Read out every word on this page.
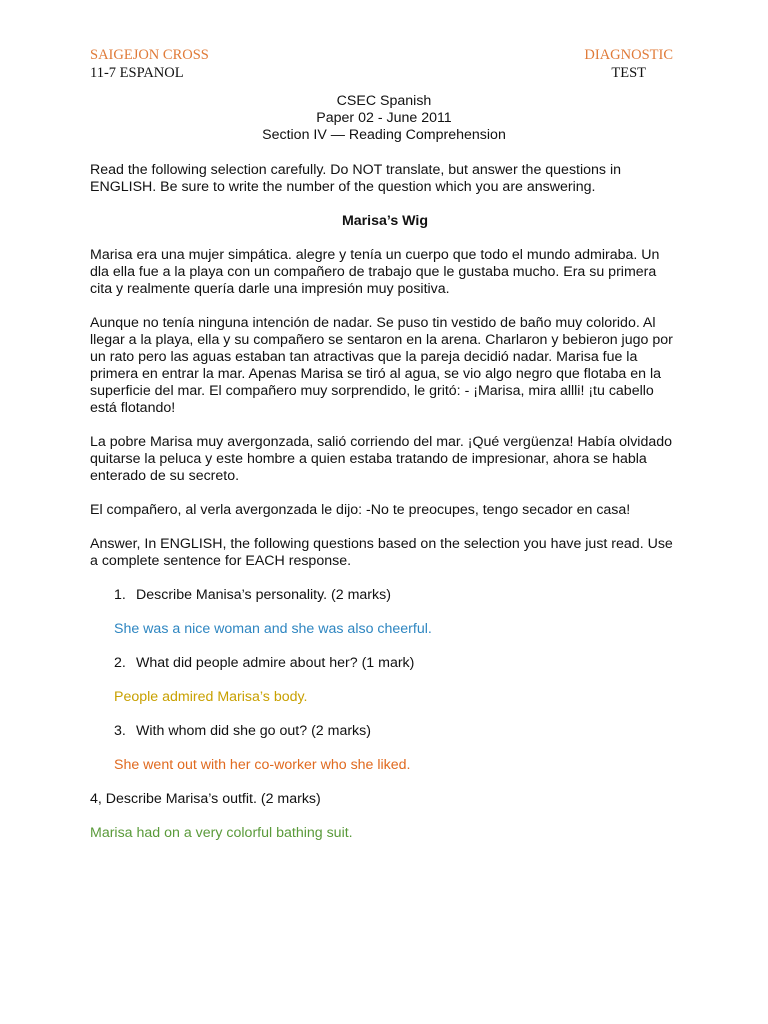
SAIGEJON CROSS
11-7 ESPANOL
DIAGNOSTIC
TEST
CSEC Spanish
Paper 02 - June 2011
Section IV — Reading Comprehension

Read the following selection carefully. Do NOT translate, but answer the questions in ENGLISH. Be sure to write the number of the question which you are answering.

Marisa’s Wig

Marisa era una mujer simpática. alegre y tenía un cuerpo que todo el mundo admiraba. Un dla ella fue a la playa con un compañero de trabajo que le gustaba mucho. Era su primera cita y realmente quería darle una impresión muy positiva.

Aunque no tenía ninguna intención de nadar. Se puso tin vestido de baño muy colorido. Al llegar a la playa, ella y su compañero se sentaron en la arena. Charlaron y bebieron jugo por un rato pero las aguas estaban tan atractivas que la pareja decidió nadar. Marisa fue la primera en entrar la mar. Apenas Marisa se tiró al agua, se vio algo negro que flotaba en la superficie del mar. El compañero muy sorprendido, le gritó: - ¡Marisa, mira allli! ¡tu cabello está flotando!

La pobre Marisa muy avergonzada, salió corriendo del mar. ¡Qué vergüenza! Había olvidado
quitarse la peluca y este hombre a quien estaba tratando de impresionar, ahora se habla enterado de su secreto.

El compañero, al verla avergonzada le dijo: -No te preocupes, tengo secador en casa!

Answer, In ENGLISH, the following questions based on the selection you have just read. Use a complete sentence for EACH response.

1. Describe Manisa’s personality. (2 marks)

She was a nice woman and she was also cheerful.

2. What did people admire about her? (1 mark)

People admired Marisa’s body.

3. With whom did she go out? (2 marks)

She went out with her co-worker who she liked.

4, Describe Marisa’s outfit. (2 marks)

Marisa had on a very colorful bathing suit.
